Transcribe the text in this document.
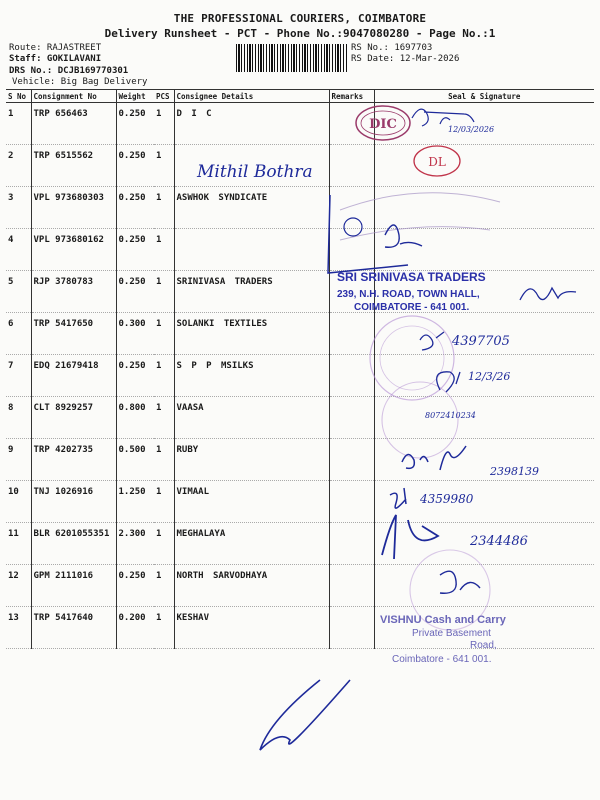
THE PROFESSIONAL COURIERS, COIMBATORE
Delivery Runsheet - PCT - Phone No.:9047080280 - Page No.:1
Route: RAJASTREET
Staff: GOKILAVANI
DRS No.: DCJB169770301
Vehicle: Big Bag Delivery
RS No.: 1697703
RS Date: 12-Mar-2026
S No	Consignment No	Weight	PCS	Consignee Details	Remarks	Seal & Signature
1	TRP 656463	0.250	1	D I C		
2	TRP 6515562	0.250	1			
3	VPL 973680303	0.250	1	ASWHOK SYNDICATE		
4	VPL 973680162	0.250	1			
5	RJP 3780783	0.250	1	SRINIVASA TRADERS		
6	TRP 5417650	0.300	1	SOLANKI TEXTILES		
7	EDQ 21679418	0.250	1	S P P MSILKS		
8	CLT 8929257	0.800	1	VAASA		
9	TRP 4202735	0.500	1	RUBY		
10	TNJ 1026916	1.250	1	VIMAAL		
11	BLR 6201055351	2.300	1	MEGHALAYA		
12	GPM 2111016	0.250	1	NORTH SARVODHAYA		
13	TRP 5417640	0.200	1	KESHAV		
DIC	12/03/2026
DL
Mithil Bothra
SRI SRINIVASA TRADERS
239, N.H. ROAD, TOWN HALL,
COIMBATORE - 641 001.
4397705
12/3/26
8072410234
2398139
4359980
2344486
VISHNU Cash and Carry
Private Basement
Road,
Coimbatore - 641 001.
